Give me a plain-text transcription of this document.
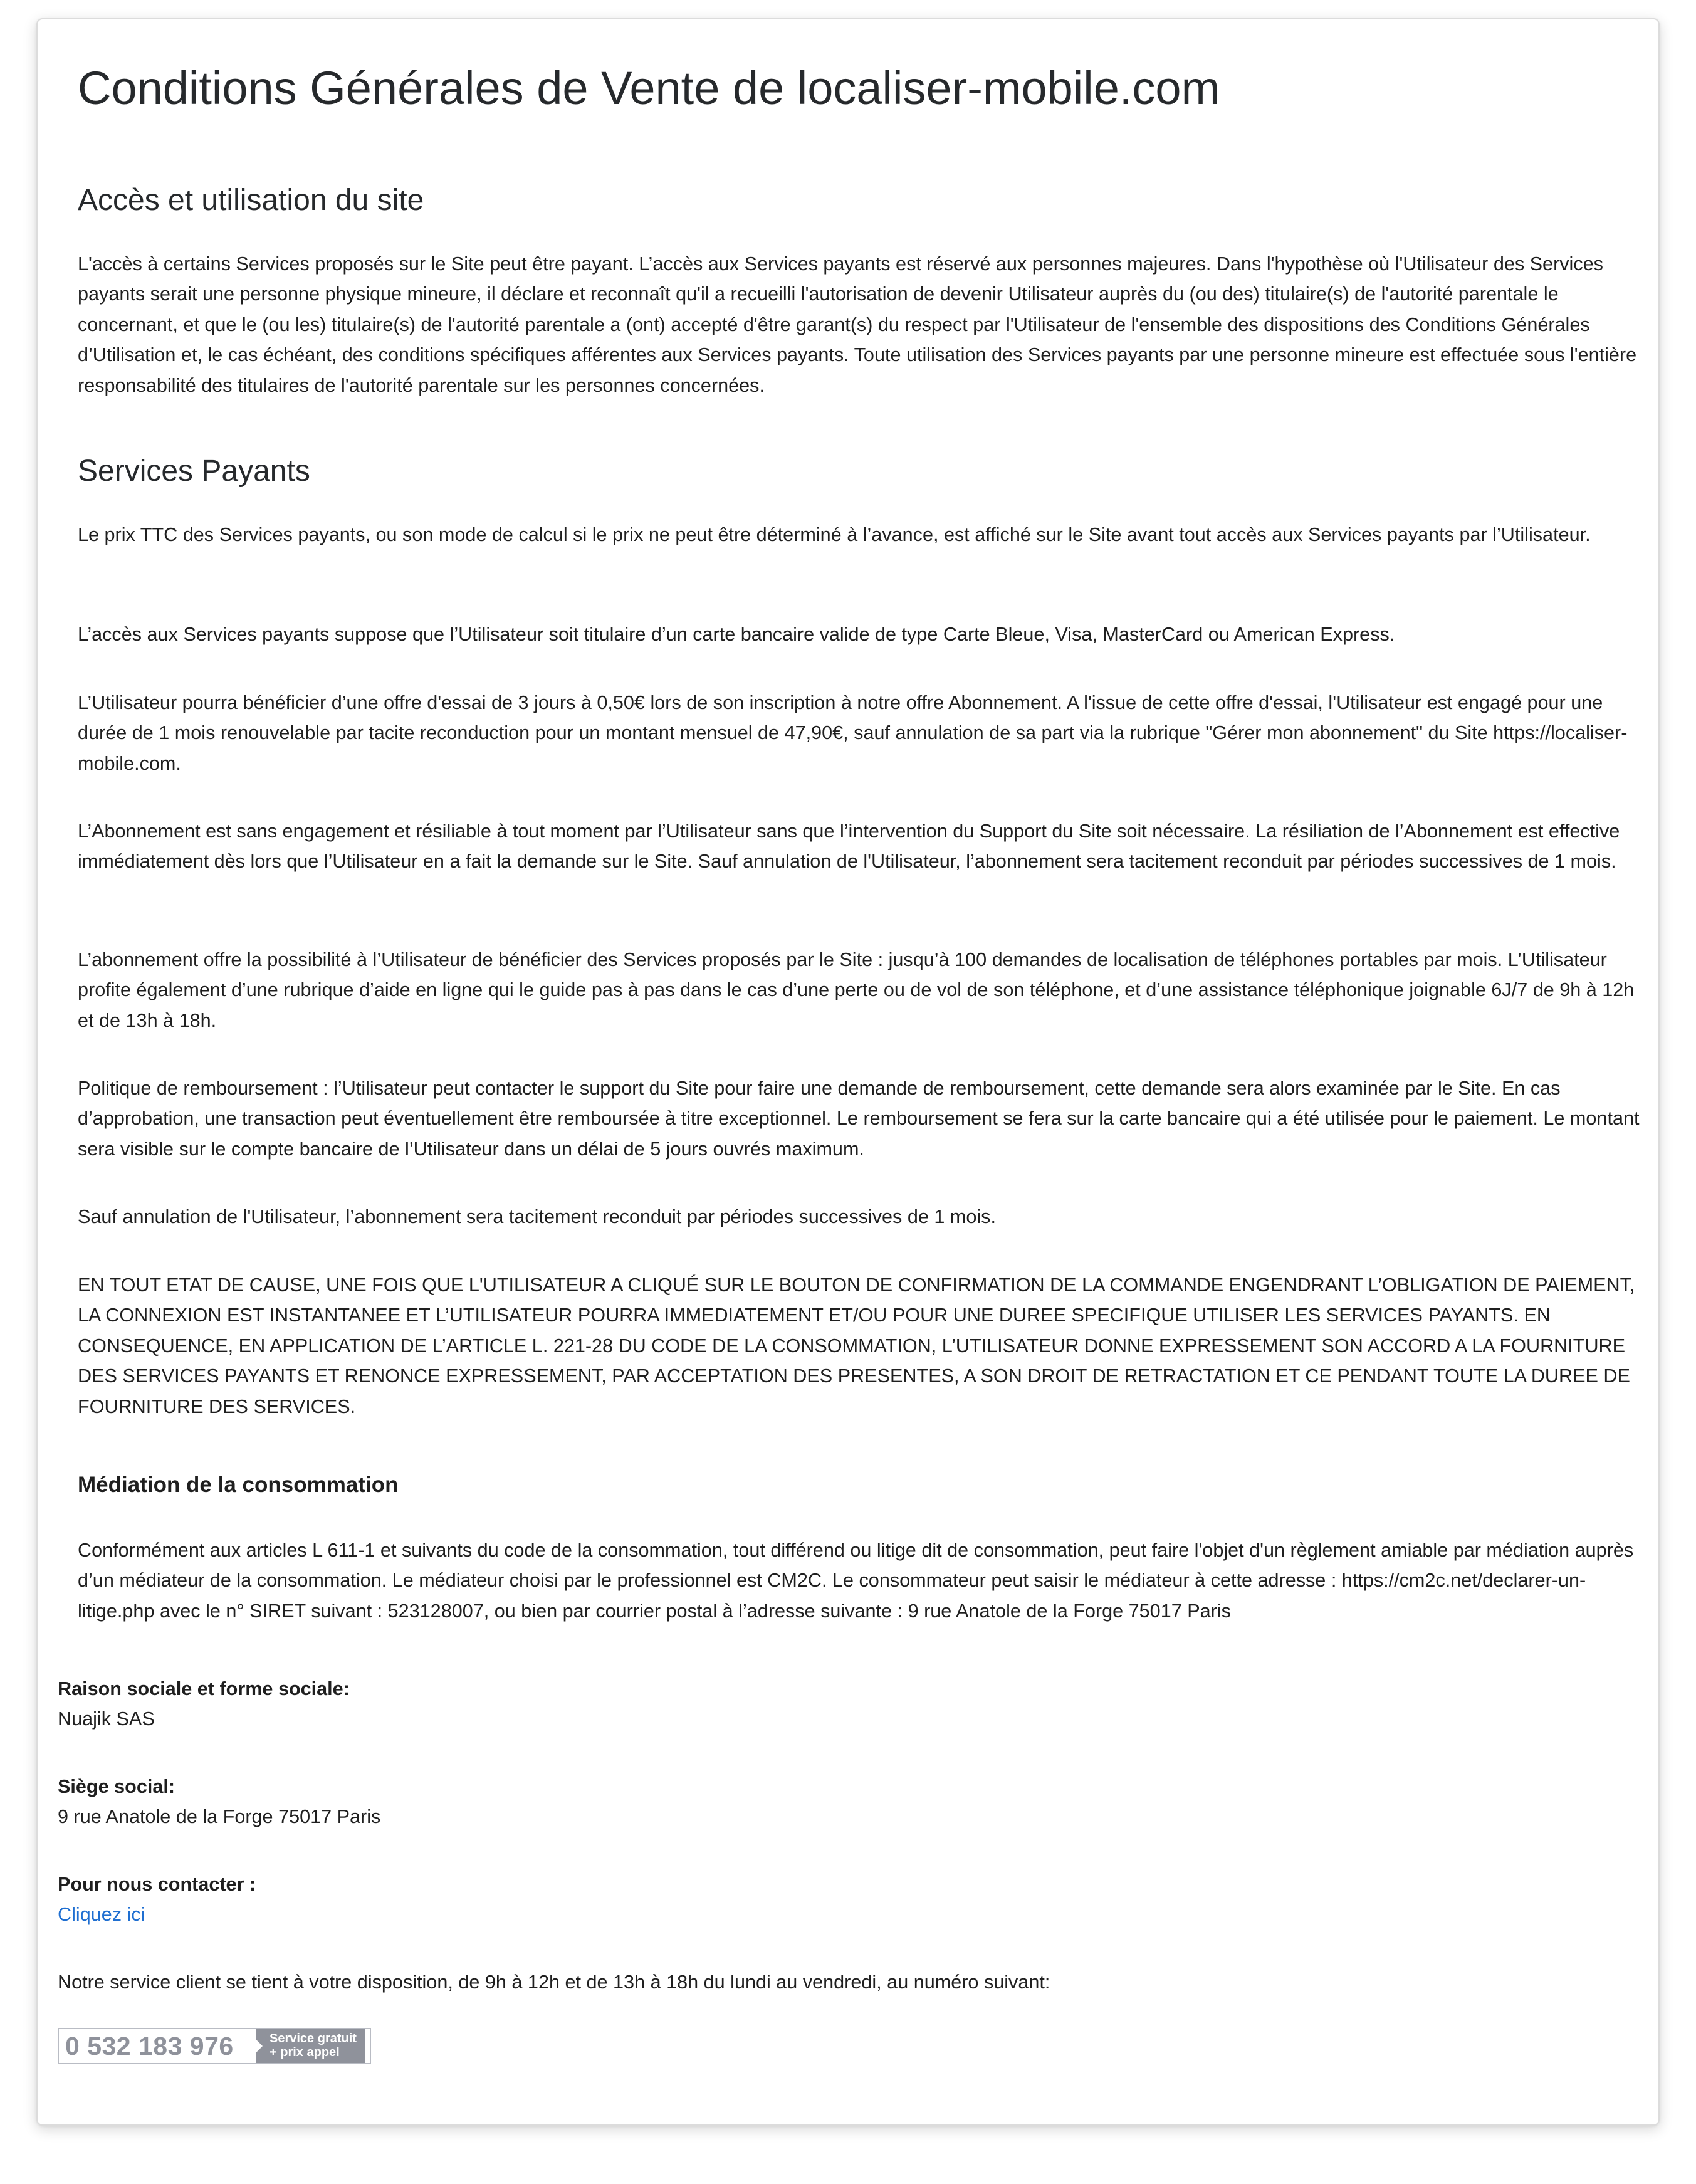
Conditions Générales de Vente de localiser-mobile.com
Accès et utilisation du site

L'accès à certains Services proposés sur le Site peut être payant. L’accès aux Services payants est réservé aux personnes majeures. Dans l'hypothèse où l'Utilisateur des Services payants serait une personne physique mineure, il déclare et reconnaît qu'il a recueilli l'autorisation de devenir Utilisateur auprès du (ou des) titulaire(s) de l'autorité parentale le concernant, et que le (ou les) titulaire(s) de l'autorité parentale a (ont) accepté d'être garant(s) du respect par l'Utilisateur de l'ensemble des dispositions des Conditions Générales d’Utilisation et, le cas échéant, des conditions spécifiques afférentes aux Services payants. Toute utilisation des Services payants par une personne mineure est effectuée sous l'entière responsabilité des titulaires de l'autorité parentale sur les personnes concernées.

Services Payants

Le prix TTC des Services payants, ou son mode de calcul si le prix ne peut être déterminé à l’avance, est affiché sur le Site avant tout accès aux Services payants par l’Utilisateur.

L’accès aux Services payants suppose que l’Utilisateur soit titulaire d’un carte bancaire valide de type Carte Bleue, Visa, MasterCard ou American Express.

L’Utilisateur pourra bénéficier d’une offre d'essai de 3 jours à 0,50€ lors de son inscription à notre offre Abonnement. A l'issue de cette offre d'essai, l'Utilisateur est engagé pour une durée de 1 mois renouvelable par tacite reconduction pour un montant mensuel de 47,90€, sauf annulation de sa part via la rubrique "Gérer mon abonnement" du Site https://localiser-mobile.com.

L’Abonnement est sans engagement et résiliable à tout moment par l’Utilisateur sans que l’intervention du Support du Site soit nécessaire. La résiliation de l’Abonnement est effective immédiatement dès lors que l’Utilisateur en a fait la demande sur le Site. Sauf annulation de l'Utilisateur, l’abonnement sera tacitement reconduit par périodes successives de 1 mois.

L’abonnement offre la possibilité à l’Utilisateur de bénéficier des Services proposés par le Site : jusqu’à 100 demandes de localisation de téléphones portables par mois. L’Utilisateur profite également d’une rubrique d’aide en ligne qui le guide pas à pas dans le cas d’une perte ou de vol de son téléphone, et d’une assistance téléphonique joignable 6J/7 de 9h à 12h et de 13h à 18h.

Politique de remboursement : l’Utilisateur peut contacter le support du Site pour faire une demande de remboursement, cette demande sera alors examinée par le Site. En cas d’approbation, une transaction peut éventuellement être remboursée à titre exceptionnel. Le remboursement se fera sur la carte bancaire qui a été utilisée pour le paiement. Le montant sera visible sur le compte bancaire de l’Utilisateur dans un délai de 5 jours ouvrés maximum.

Sauf annulation de l'Utilisateur, l’abonnement sera tacitement reconduit par périodes successives de 1 mois.

EN TOUT ETAT DE CAUSE, UNE FOIS QUE L'UTILISATEUR A CLIQUÉ SUR LE BOUTON DE CONFIRMATION DE LA COMMANDE ENGENDRANT L’OBLIGATION DE PAIEMENT, LA CONNEXION EST INSTANTANEE ET L’UTILISATEUR POURRA IMMEDIATEMENT ET/OU POUR UNE DUREE SPECIFIQUE UTILISER LES SERVICES PAYANTS. EN CONSEQUENCE, EN APPLICATION DE L’ARTICLE L. 221-28 DU CODE DE LA CONSOMMATION, L’UTILISATEUR DONNE EXPRESSEMENT SON ACCORD A LA FOURNITURE DES SERVICES PAYANTS ET RENONCE EXPRESSEMENT, PAR ACCEPTATION DES PRESENTES, A SON DROIT DE RETRACTATION ET CE PENDANT TOUTE LA DUREE DE FOURNITURE DES SERVICES.

Médiation de la consommation

Conformément aux articles L 611-1 et suivants du code de la consommation, tout différend ou litige dit de consommation, peut faire l'objet d'un règlement amiable par médiation auprès d’un médiateur de la consommation. Le médiateur choisi par le professionnel est CM2C. Le consommateur peut saisir le médiateur à cette adresse : https://cm2c.net/declarer-un-litige.php avec le n° SIRET suivant : 523128007, ou bien par courrier postal à l’adresse suivante : 9 rue Anatole de la Forge 75017 Paris

Raison sociale et forme sociale:
Nuajik SAS
Siège social:
9 rue Anatole de la Forge 75017 Paris
Pour nous contacter :
Cliquez ici
Notre service client se tient à votre disposition, de 9h à 12h et de 13h à 18h du lundi au vendredi, au numéro suivant:
0 532 183 976	Service gratuit
+ prix appel
